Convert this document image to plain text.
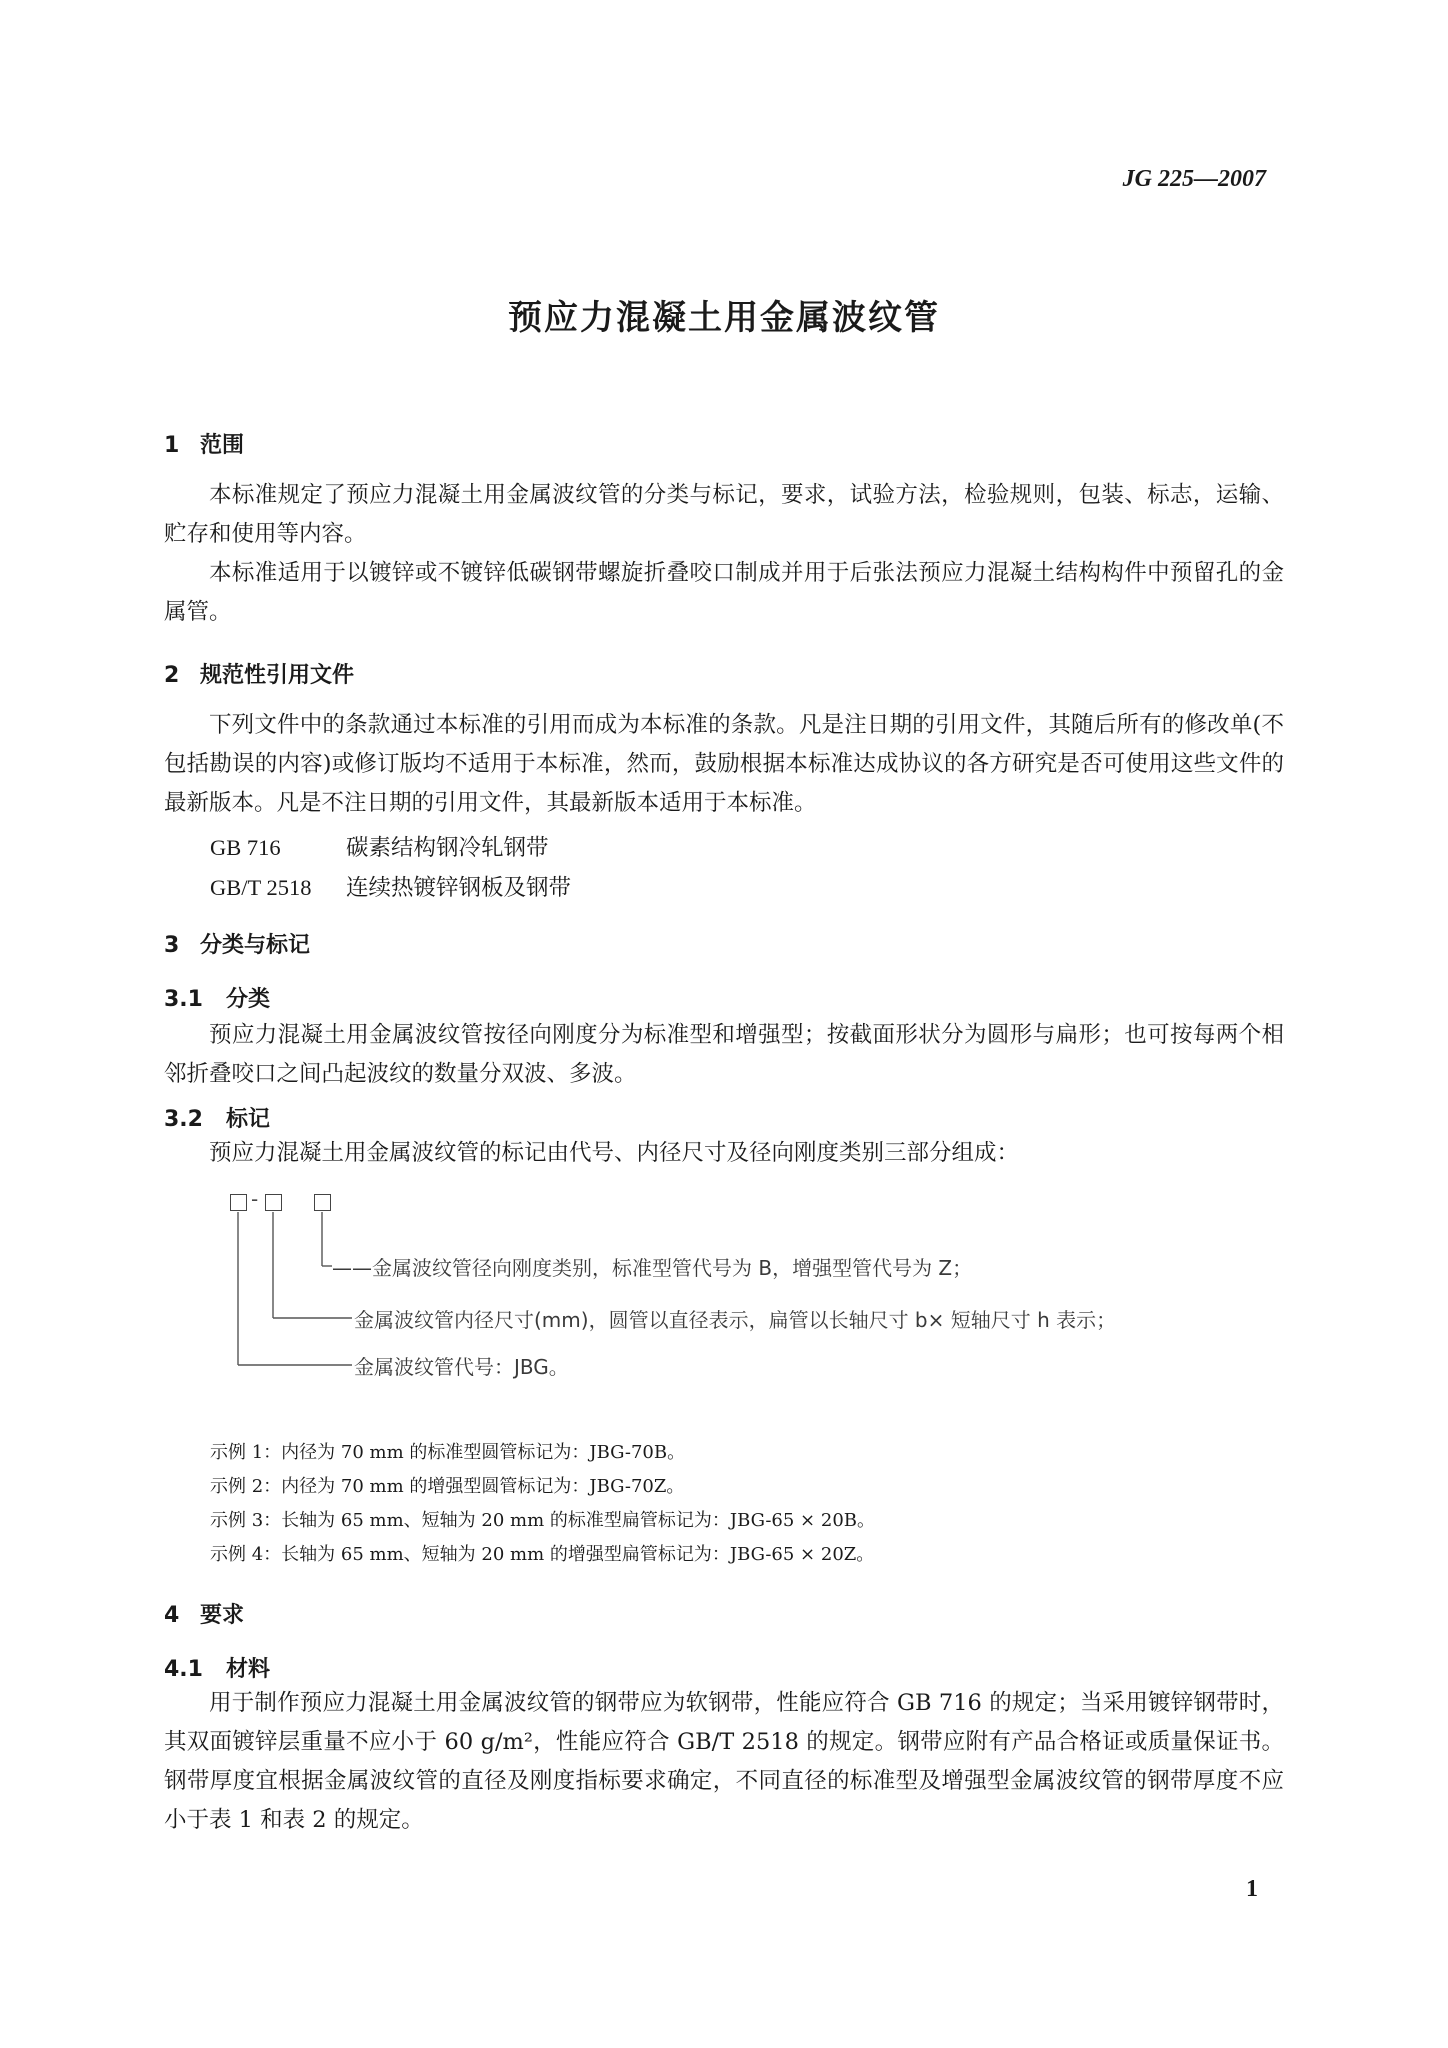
JG 225—2007
预应力混凝土用金属波纹管
1 范围
本标准规定了预应力混凝土用金属波纹管的分类与标记，要求，试验方法，检验规则，包装、标志，运输、贮存和使用等内容。
本标准适用于以镀锌或不镀锌低碳钢带螺旋折叠咬口制成并用于后张法预应力混凝土结构构件中预留孔的金属管。
2 规范性引用文件
下列文件中的条款通过本标准的引用而成为本标准的条款。凡是注日期的引用文件，其随后所有的修改单(不包括勘误的内容)或修订版均不适用于本标准，然而，鼓励根据本标准达成协议的各方研究是否可使用这些文件的最新版本。凡是不注日期的引用文件，其最新版本适用于本标准。
GB 716	碳素结构钢冷轧钢带
GB/T 2518 连续热镀锌钢板及钢带
3 分类与标记
3.1 分类
预应力混凝土用金属波纹管按径向刚度分为标准型和增强型；按截面形状分为圆形与扁形；也可按每两个相邻折叠咬口之间凸起波纹的数量分双波、多波。
3.2 标记
预应力混凝土用金属波纹管的标记由代号、内径尺寸及径向刚度类别三部分组成：
-
——金属波纹管径向刚度类别，标准型管代号为 B，增强型管代号为 Z；
金属波纹管内径尺寸(mm)，圆管以直径表示，扁管以长轴尺寸 b× 短轴尺寸 h 表示；
金属波纹管代号：JBG。
示例 1：内径为 70 mm 的标准型圆管标记为：JBG-70B。
示例 2：内径为 70 mm 的增强型圆管标记为：JBG-70Z。
示例 3：长轴为 65 mm、短轴为 20 mm 的标准型扁管标记为：JBG-65 × 20B。
示例 4：长轴为 65 mm、短轴为 20 mm 的增强型扁管标记为：JBG-65 × 20Z。
4 要求
4.1 材料
用于制作预应力混凝土用金属波纹管的钢带应为软钢带，性能应符合 GB 716 的规定；当采用镀锌钢带时，其双面镀锌层重量不应小于 60 g/m²，性能应符合 GB/T 2518 的规定。钢带应附有产品合格证或质量保证书。钢带厚度宜根据金属波纹管的直径及刚度指标要求确定，不同直径的标准型及增强型金属波纹管的钢带厚度不应小于表 1 和表 2 的规定。
1
